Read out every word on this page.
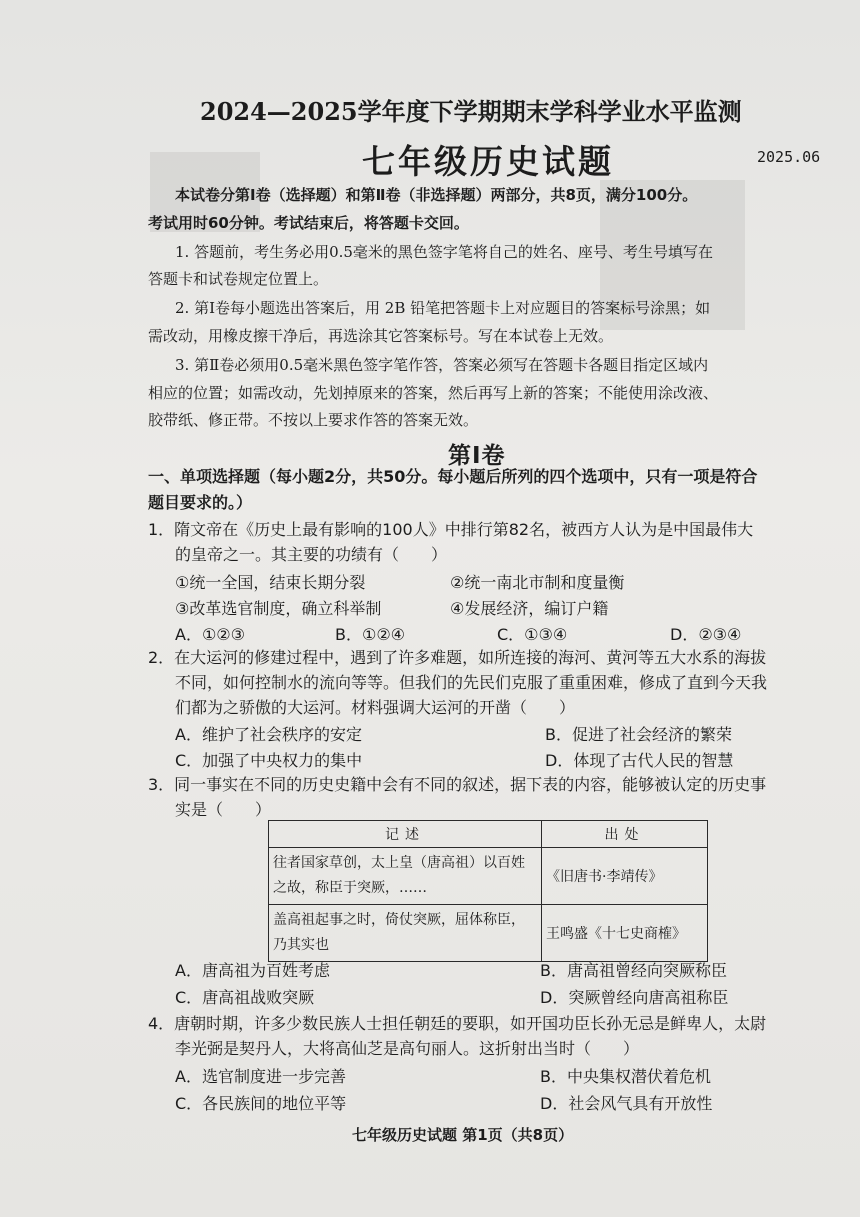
2024—2025学年度下学期期末学科学业水平监测
七年级历史试题	2025.06
本试卷分第Ⅰ卷（选择题）和第Ⅱ卷（非选择题）两部分，共8页，满分100分。
考试用时60分钟。考试结束后，将答题卡交回。
1. 答题前，考生务必用0.5毫米的黑色签字笔将自己的姓名、座号、考生号填写在
答题卡和试卷规定位置上。
2. 第Ⅰ卷每小题选出答案后，用 2B 铅笔把答题卡上对应题目的答案标号涂黑；如
需改动，用橡皮擦干净后，再选涂其它答案标号。写在本试卷上无效。
3. 第Ⅱ卷必须用0.5毫米黑色签字笔作答，答案必须写在答题卡各题目指定区域内
相应的位置；如需改动，先划掉原来的答案，然后再写上新的答案；不能使用涂改液、
胶带纸、修正带。不按以上要求作答的答案无效。
第Ⅰ卷
一、单项选择题（每小题2分，共50分。每小题后所列的四个选项中，只有一项是符合
题目要求的。）
1．隋文帝在《历史上最有影响的100人》中排行第82名，被西方人认为是中国最伟大
的皇帝之一。其主要的功绩有（　　）
①统一全国，结束长期分裂	②统一南北市制和度量衡
③改革选官制度，确立科举制	④发展经济，编订户籍
A．①②③	B．①②④	C．①③④	D．②③④
2．在大运河的修建过程中，遇到了许多难题，如所连接的海河、黄河等五大水系的海拔
不同，如何控制水的流向等等。但我们的先民们克服了重重困难，修成了直到今天我
们都为之骄傲的大运河。材料强调大运河的开凿（　　）
A．维护了社会秩序的安定	B．促进了社会经济的繁荣
C．加强了中央权力的集中	D．体现了古代人民的智慧
3．同一事实在不同的历史史籍中会有不同的叙述，据下表的内容，能够被认定的历史事
实是（　　）
记述	出处
往者国家草创，太上皇（唐高祖）以百姓之故，称臣于突厥，……	《旧唐书·李靖传》
盖高祖起事之时，倚仗突厥，屈体称臣，乃其实也	王鸣盛《十七史商榷》
A．唐高祖为百姓考虑	B．唐高祖曾经向突厥称臣
C．唐高祖战败突厥	D．突厥曾经向唐高祖称臣
4．唐朝时期，许多少数民族人士担任朝廷的要职，如开国功臣长孙无忌是鲜卑人，太尉
李光弼是契丹人，大将高仙芝是高句丽人。这折射出当时（　　）
A．选官制度进一步完善	B．中央集权潜伏着危机
C．各民族间的地位平等	D．社会风气具有开放性
七年级历史试题 第1页（共8页）
